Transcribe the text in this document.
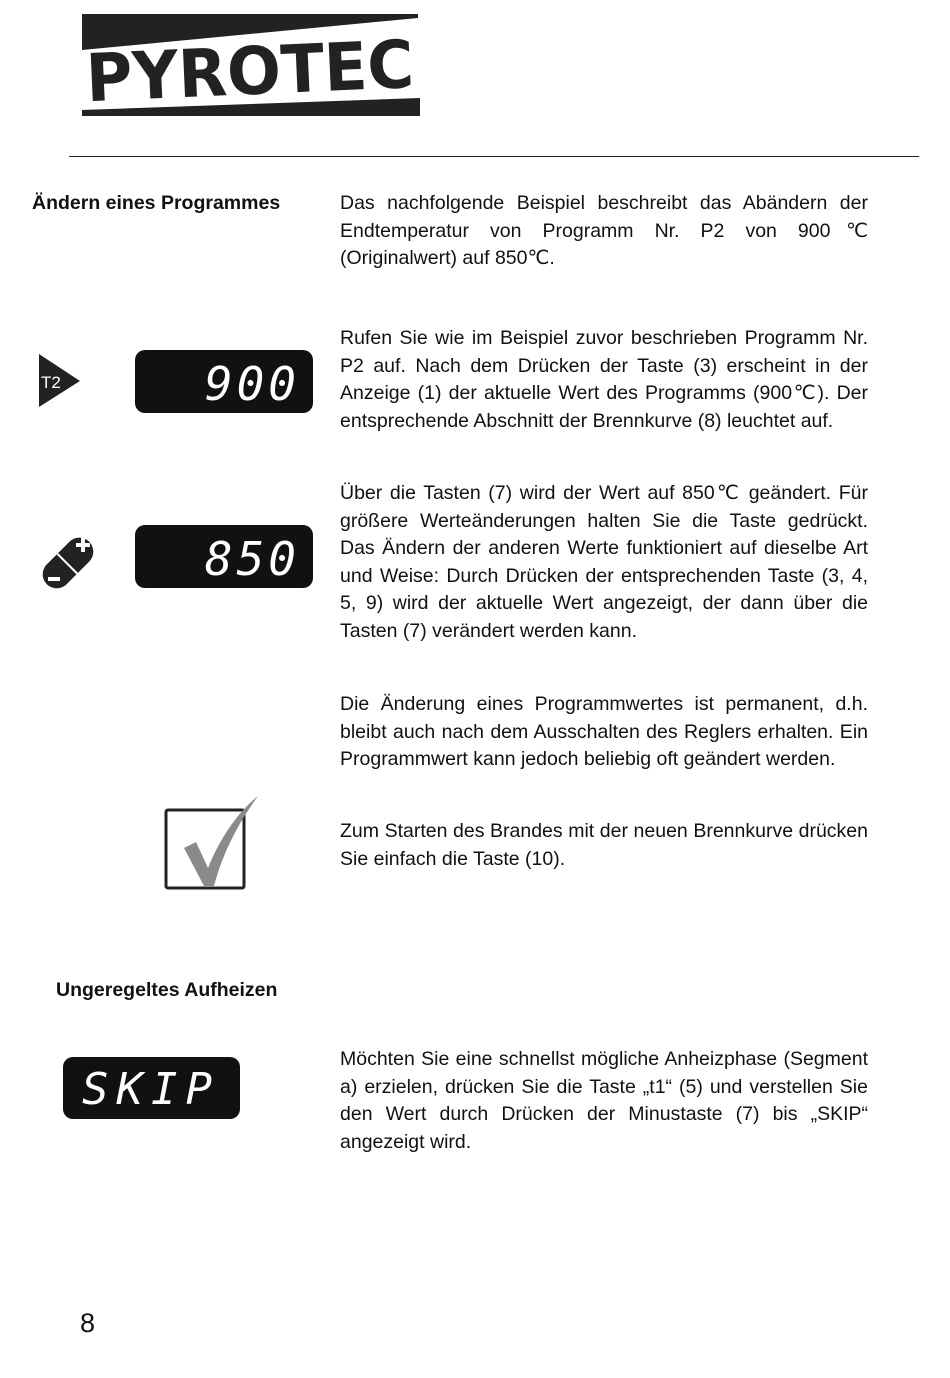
PYROTEC
Ändern eines Programmes	Das nachfolgende Beispiel beschreibt das Abändern der Endtemperatur von Programm Nr. P2 von 900℃ (Originalwert) auf 850℃.
Rufen Sie wie im Beispiel zuvor beschrieben Programm Nr. P2 auf. Nach dem Drücken der Taste (3) erscheint in der Anzeige (1) der aktuelle Wert des Programms (900℃). Der entsprechende Abschnitt der Brennkurve (8) leuchtet auf.
Über die Tasten (7) wird der Wert auf 850℃ geändert. Für größere Werteänderungen halten Sie die Taste gedrückt. Das Ändern der anderen Werte funktioniert auf dieselbe Art und Weise: Durch Drücken der entsprechenden Taste (3, 4, 5, 9) wird der aktuelle Wert angezeigt, der dann über die Tasten (7) verändert werden kann.
Die Änderung eines Programmwertes ist permanent, d.h. bleibt auch nach dem Ausschalten des Reglers erhalten. Ein Programmwert kann jedoch beliebig oft geändert werden.
Zum Starten des Brandes mit der neuen Brennkurve drücken Sie einfach die Taste (10).
T2	900
850
Ungeregeltes Aufheizen
SKIP
Möchten Sie eine schnellst mögliche Anheizphase (Segment a) erzielen, drücken Sie die Taste „t1“ (5) und verstellen Sie den Wert durch Drücken der Minustaste (7) bis „SKIP“ angezeigt wird.
8
